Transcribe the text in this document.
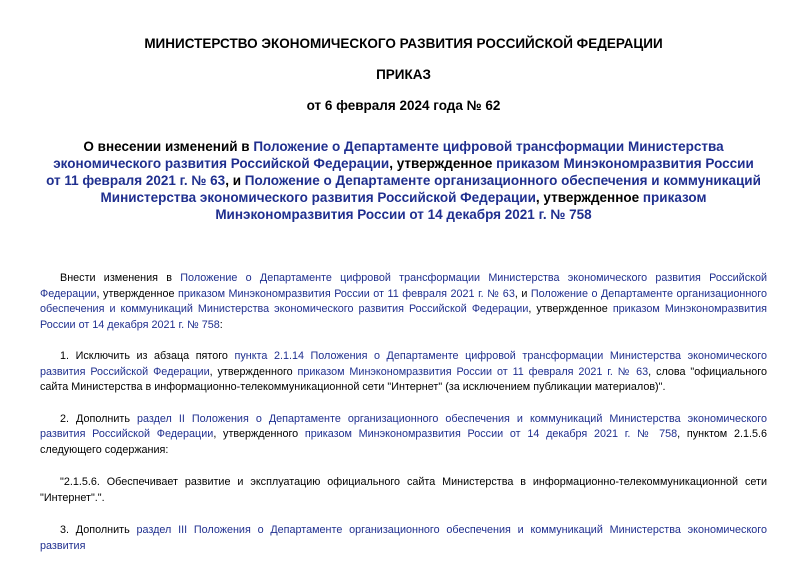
МИНИСТЕРСТВО ЭКОНОМИЧЕСКОГО РАЗВИТИЯ РОССИЙСКОЙ ФЕДЕРАЦИИ

ПРИКАЗ

от 6 февраля 2024 года № 62

О внесении изменений в Положение о Департаменте цифровой трансформации Министерства экономического развития Российской Федерации, утвержденное приказом Минэкономразвития России от 11 февраля 2021 г. № 63, и Положение о Департаменте организационного обеспечения и коммуникаций Министерства экономического развития Российской Федерации, утвержденное приказом Минэкономразвития России от 14 декабря 2021 г. № 758

Внести изменения в Положение о Департаменте цифровой трансформации Министерства экономического развития Российской Федерации, утвержденное приказом Минэкономразвития России от 11 февраля 2021 г. № 63, и Положение о Департаменте организационного обеспечения и коммуникаций Министерства экономического развития Российской Федерации, утвержденное приказом Минэкономразвития России от 14 декабря 2021 г. № 758:

1. Исключить из абзаца пятого пункта 2.1.14 Положения о Департаменте цифровой трансформации Министерства экономического развития Российской Федерации, утвержденного приказом Минэкономразвития России от 11 февраля 2021 г. № 63, слова "официального сайта Министерства в информационно-телекоммуникационной сети "Интернет" (за исключением публикации материалов)".

2. Дополнить раздел II Положения о Департаменте организационного обеспечения и коммуникаций Министерства экономического развития Российской Федерации, утвержденного приказом Минэкономразвития России от 14 декабря 2021 г. № 758, пунктом 2.1.5.6 следующего содержания:

"2.1.5.6. Обеспечивает развитие и эксплуатацию официального сайта Министерства в информационно-телекоммуникационной сети "Интернет".".

3. Дополнить раздел III Положения о Департаменте организационного обеспечения и коммуникаций Министерства экономического развития
